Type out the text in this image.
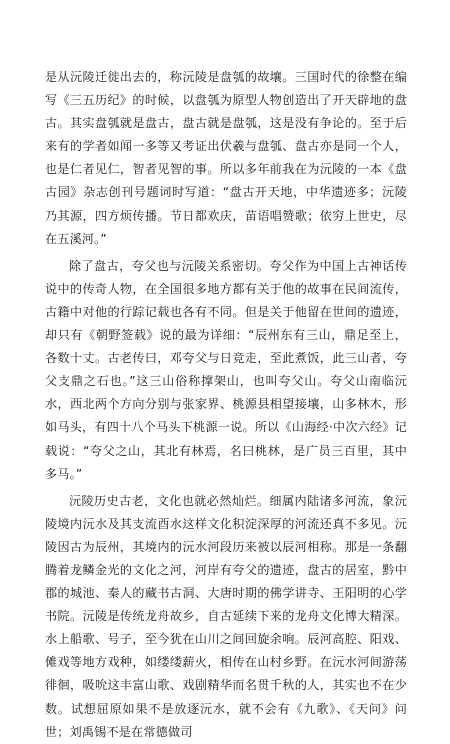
是从沅陵迁徙出去的，称沅陵是盘瓠的故壤。三国时代的徐整在编写《三五历纪》的时候，以盘瓠为原型人物创造出了开天辟地的盘古。其实盘瓠就是盘古，盘古就是盘瓠，这是没有争论的。至于后来有的学者如闻一多等又考证出伏羲与盘瓠、盘古亦是同一个人，也是仁者见仁，智者见智的事。所以多年前我在为沅陵的一本《盘古园》杂志创刊号题词时写道：“盘古开天地，中华遗迹多；沅陵乃其源，四方烦传播。节日都欢庆，苗语唱赞歌；依穷上世史，尽在五溪河。”

除了盘古，夸父也与沅陵关系密切。夸父作为中国上古神话传说中的传奇人物，在全国很多地方都有关于他的故事在民间流传，古籍中对他的行踪记载也各有不同。但是关于他留在世间的遗迹，却只有《朝野签载》说的最为详细：“辰州东有三山，鼎足至上，各数十丈。古老传曰，邓夸父与日竞走，至此煮饭，此三山者，夸父支鼎之石也。”这三山俗称撑架山，也叫夸父山。夸父山南临沅水，西北两个方向分别与张家界、桃源县相望接壤，山多林木，形如马头，有四十八个马头下桃源一说。所以《山海经·中次六经》记载说：“夸父之山，其北有林焉，名曰桃林，是广员三百里，其中多马。”

沅陵历史古老，文化也就必然灿烂。细属内陆诸多河流，象沅陵境内沅水及其支流酉水这样文化积淀深厚的河流还真不多见。沅陵因古为辰州，其境内的沅水河段历来被以辰河相称。那是一条翻腾着龙鳞金光的文化之河，河岸有夸父的遗迹，盘古的居室，黔中郡的城池、秦人的藏书古洞、大唐时期的佛学讲寺、王阳明的心学书院。沅陵是传统龙舟故乡，自古延续下来的龙舟文化博大精深。水上船歌、号子，至今犹在山川之间回旋余响。辰河高腔、阳戏、傩戏等地方戏种，如缕缕薪火，相传在山村乡野。在沅水河间游荡徘徊，吸吮这丰富山歌、戏剧精华而名贯千秋的人，其实也不在少数。试想屈原如果不是放逐沅水，就不会有《九歌》、《天问》问世；刘禹锡不是在常德做司
